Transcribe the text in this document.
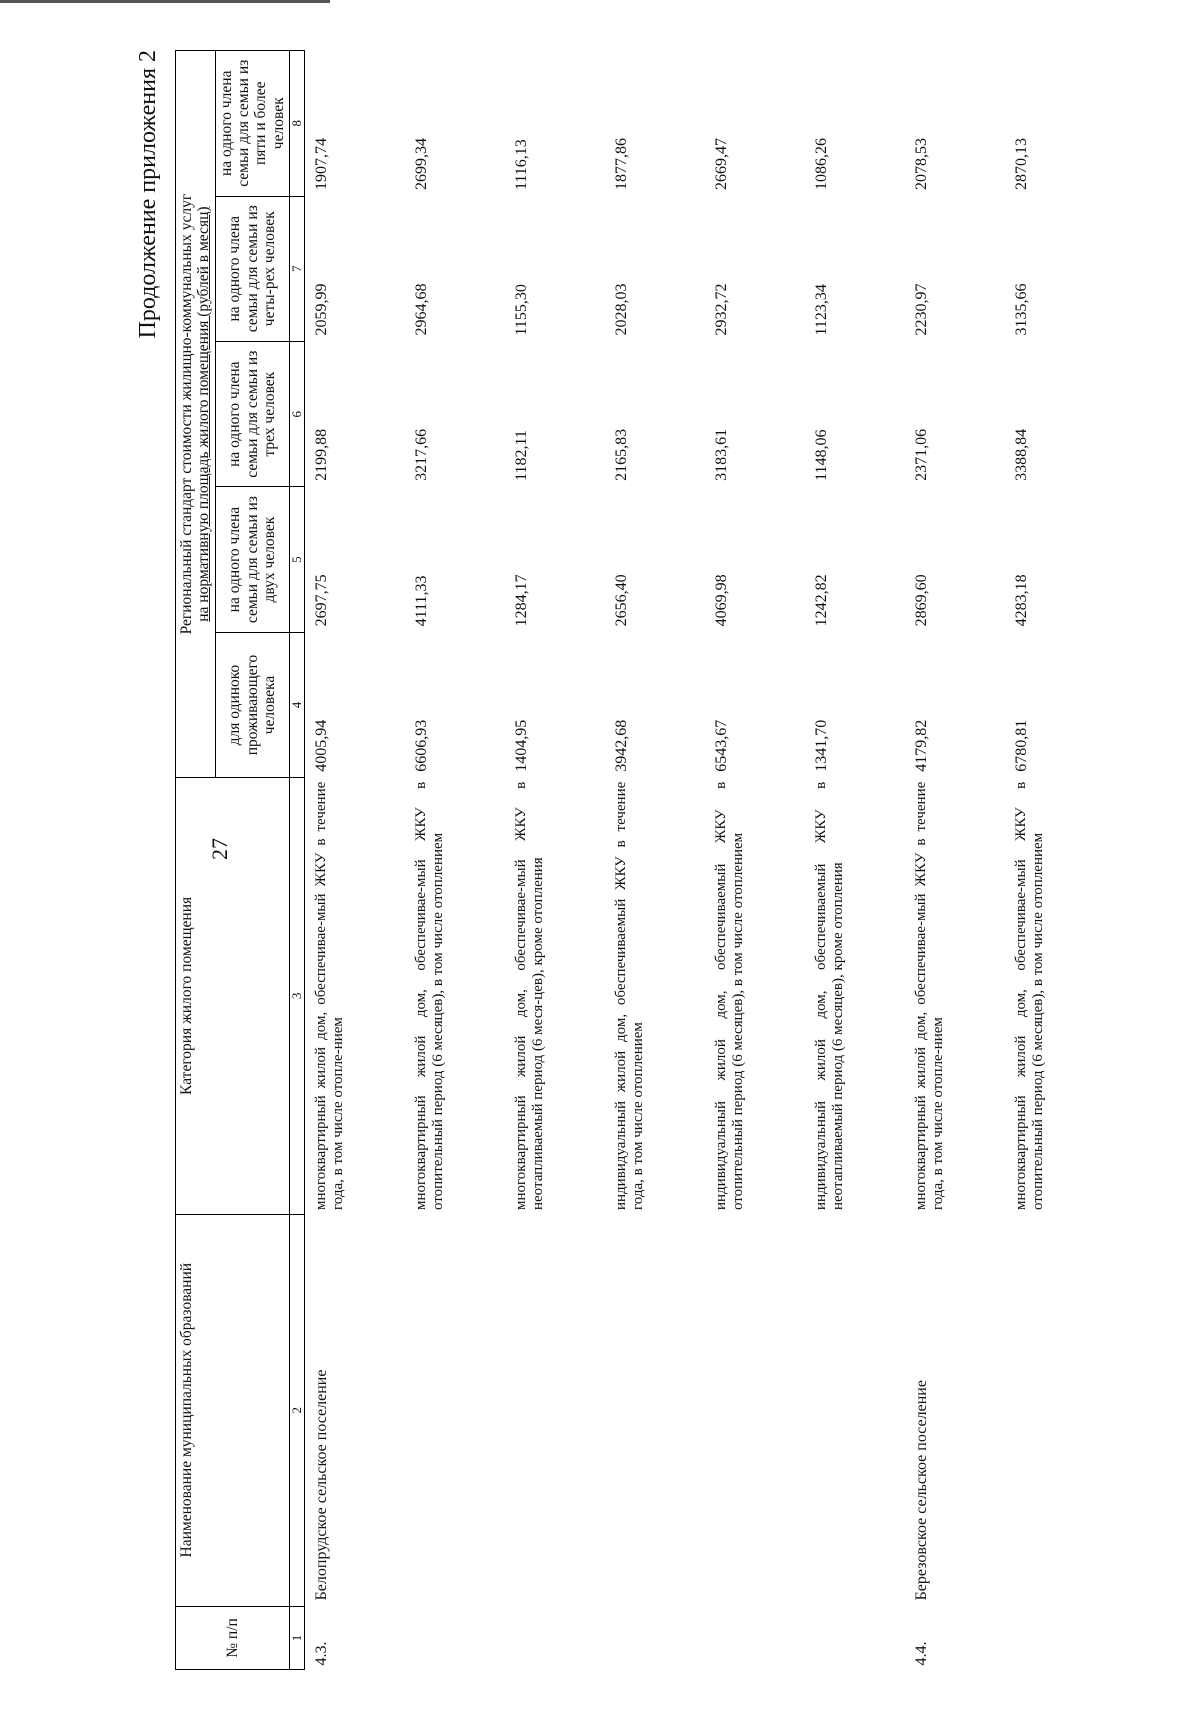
Продолжение приложения 2
27
№ п/п	Наименование муниципальных образований	Категория жилого помещения	Региональный стандарт стоимости жилищно-коммунальных услуг на нормативную площадь жилого помещения (рублей в месяц)				

			для одиноко проживающего человека	на одного члена семьи для семьи из двух человек	на одного члена семьи для семьи из трех человек	на одного члена семьи для семьи из четы-рех человек	на одного члена семьи для семьи из пяти и более человек
1	2	3	4	5	6	7	8
4.3.	Белопрудское сельское поселение	многоквартирный жилой дом, обеспечивае-мый ЖКУ в течение года, в том числе отопле-нием	4005,94	2697,75	2199,88	2059,99	1907,74
		многоквартирный жилой дом, обеспечивае-мый ЖКУ в отопительный период (6 месяцев), в том числе отоплением	6606,93	4111,33	3217,66	2964,68	2699,34
		многоквартирный жилой дом, обеспечивае-мый ЖКУ в неотапливаемый период (6 меся-цев), кроме отопления	1404,95	1284,17	1182,11	1155,30	1116,13
		индивидуальный жилой дом, обеспечиваемый ЖКУ в течение года, в том числе отоплением	3942,68	2656,40	2165,83	2028,03	1877,86
		индивидуальный жилой дом, обеспечиваемый ЖКУ в отопительный период (6 месяцев), в том числе отоплением	6543,67	4069,98	3183,61	2932,72	2669,47
		индивидуальный жилой дом, обеспечиваемый ЖКУ в неотапливаемый период (6 месяцев), кроме отопления	1341,70	1242,82	1148,06	1123,34	1086,26
4.4.	Березовское сельское поселение	многоквартирный жилой дом, обеспечивае-мый ЖКУ в течение года, в том числе отопле-нием	4179,82	2869,60	2371,06	2230,97	2078,53
		многоквартирный жилой дом, обеспечивае-мый ЖКУ в отопительный период (6 месяцев), в том числе отоплением	6780,81	4283,18	3388,84	3135,66	2870,13
